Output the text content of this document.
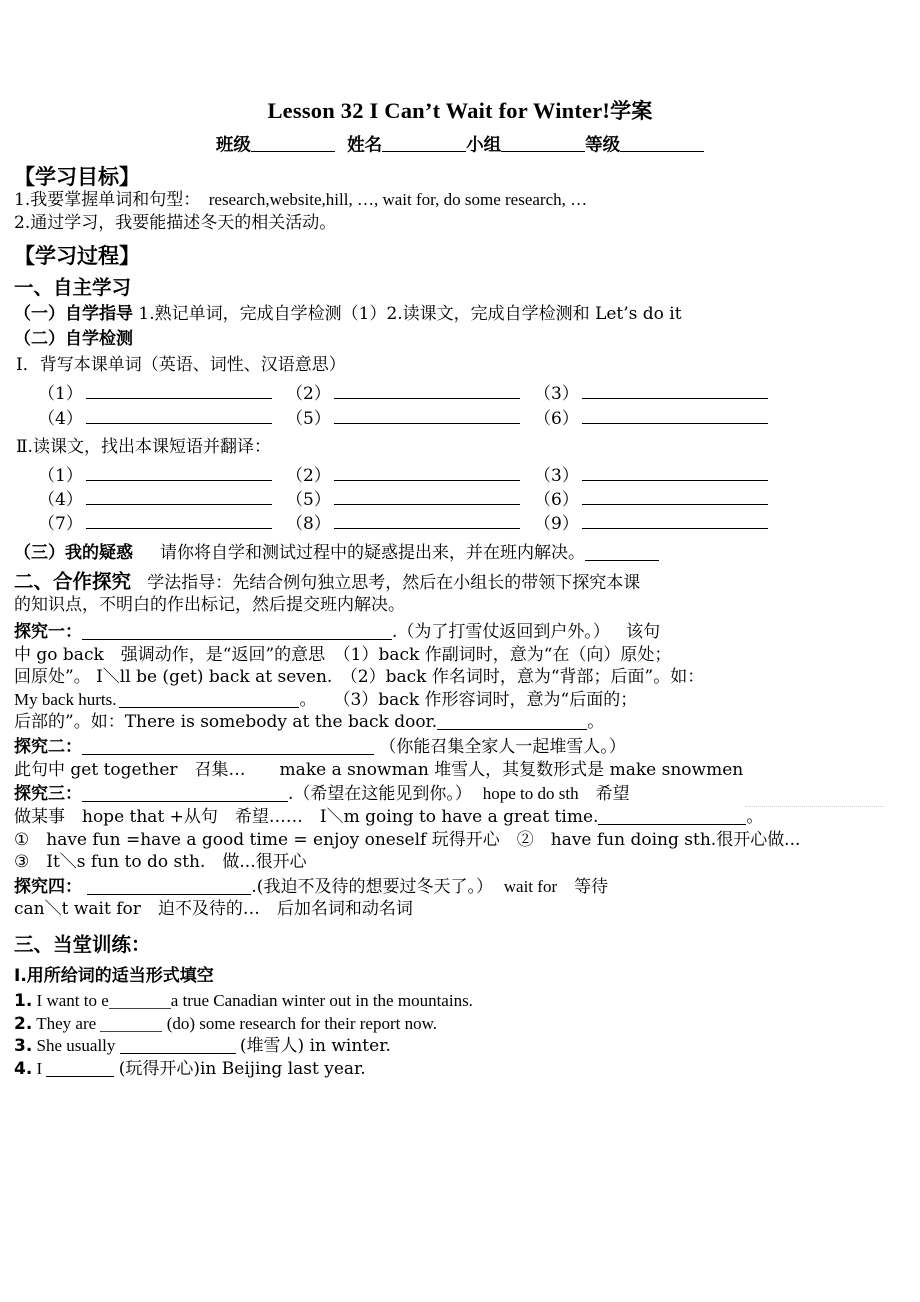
Lesson 32 I Can’t Wait for Winter!学案
班级	姓名	小组	等级
【学习目标】
1.我要掌握单词和句型： research,website,hill, …, wait for, do some research, …
2.通过学习，我要能描述冬天的相关活动。
【学习过程】
一、自主学习
（一）自学指导 1.熟记单词，完成自学检测（1）2.读课文，完成自学检测和 Let’s do it
（二）自学检测
Ⅰ．背写本课单词（英语、词性、汉语意思）
（1）	（2）	（3）
（4）	（5）	（6）
Ⅱ.读课文，找出本课短语并翻译：
（1）	（2）	（3）
（4）	（5）	（6）
（7）	（8）	（9）
（三）我的疑惑 请你将自学和测试过程中的疑惑提出来，并在班内解决。
二、合作探究 学法指导：先结合例句独立思考，然后在小组长的带领下探究本课
的知识点，不明白的作出标记，然后提交班内解决。
探究一：	.（为了打雪仗返回到户外。） 该句
中 go back　强调动作，是“返回”的意思　（1）back 作副词时，意为“在（向）原处；
回原处”。 I＼ll be (get) back at seven.　（2）back 作名词时，意为“背部；后面”。如：
My back hurts.	。　　（3）back 作形容词时，意为“后面的；
后部的”。如：There is somebody at the back door.	。
探究二：	（你能召集全家人一起堆雪人。）
此句中 get together　召集…　　make a snowman 堆雪人，其复数形式是 make snowmen
探究三：	.（希望在这能见到你。） hope to do sth　希望
做某事　hope that +从句　希望……　I＼m going to have a great time.	。
①　have fun =have a good time = enjoy oneself 玩得开心　②　have fun doing sth.很开心做...
③　It＼s fun to do sth.　做...很开心
探究四：	.(我迫不及待的想要过冬天了。） wait for　等待
can＼t wait for　迫不及待的…　后加名词和动名词
三、当堂训练：
Ⅰ.用所给词的适当形式填空
1. I want to e	a true Canadian winter out in the mountains.
2. They are	(do) some research for their report now.
3. She usually	(堆雪人) in winter.
4. I	(玩得开心)in Beijing last year.
